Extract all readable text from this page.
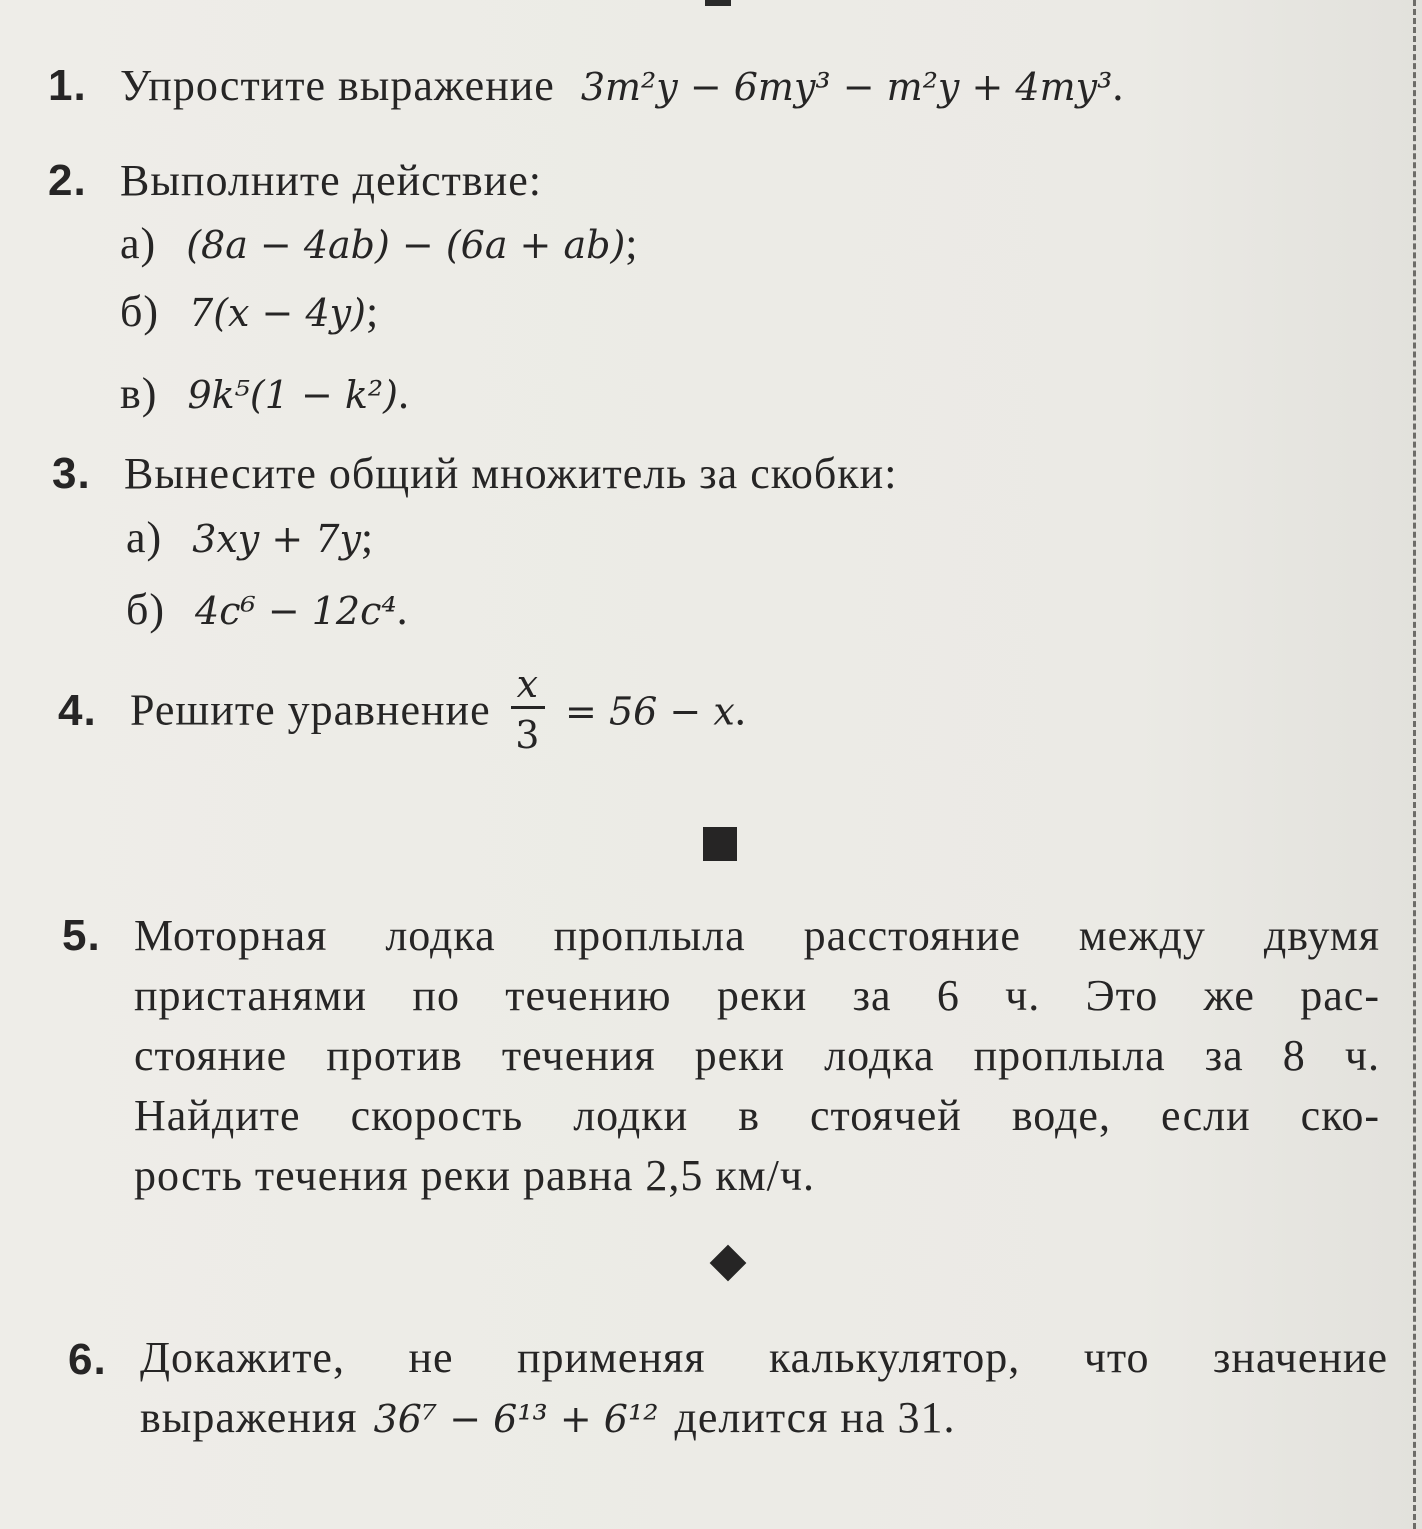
1. Упростите выражение 3m²y − 6my³ − m²y + 4my³.
2. Выполните действие:
а) (8a − 4ab) − (6a + ab);
б) 7(x − 4y);
в) 9k⁵(1 − k²).
3. Вынесите общий множитель за скобки:
а) 3xy + 7y;
б) 4c⁶ − 12c⁴.
4. Решите уравнение $\frac{x}{3} = 56 - x$.
5. Моторная лодка проплыла расстояние между двумя
пристанями по течению реки за 6 ч. Это же рас-
стояние против течения реки лодка проплыла за 8 ч.
Найдите скорость лодки в стоячей воде, если ско-
рость течения реки равна 2,5 км/ч.
6. Докажите, не применяя калькулятор, что значение
выражения 36⁷ − 6¹³ + 6¹² делится на 31.
